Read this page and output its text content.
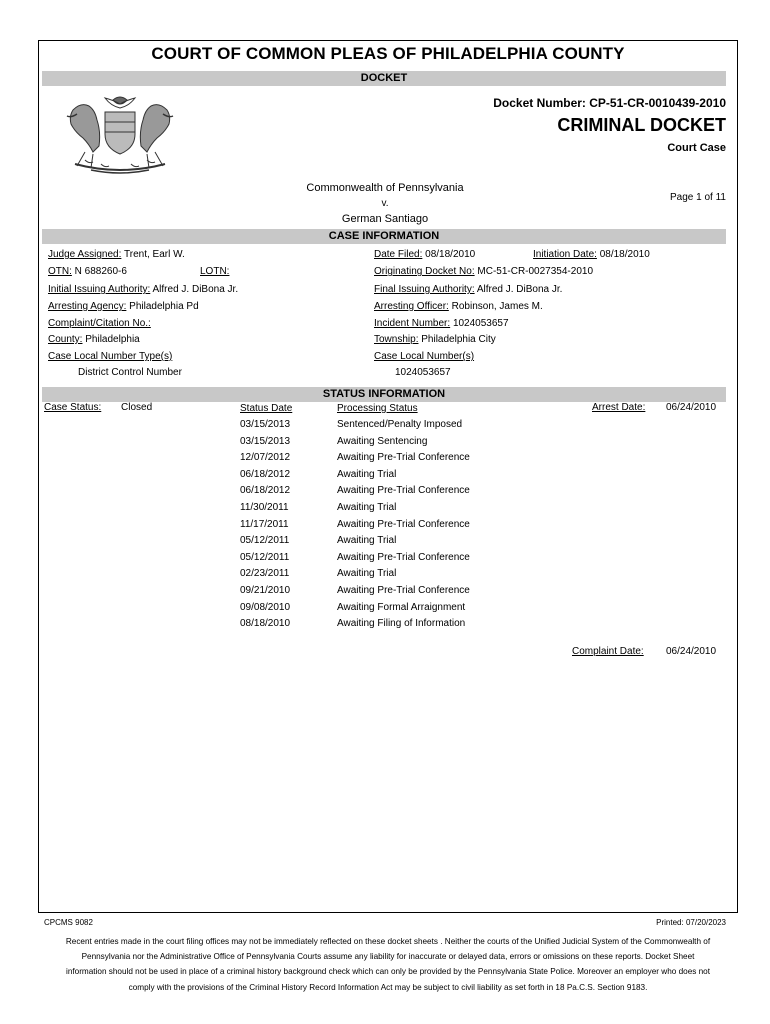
COURT OF COMMON PLEAS OF PHILADELPHIA COUNTY
DOCKET
Docket Number: CP-51-CR-0010439-2010
CRIMINAL DOCKET
Court Case
Commonwealth of Pennsylvania
v.
German Santiago
Page 1 of 11
CASE INFORMATION
Judge Assigned: Trent, Earl W.
OTN: N 688260-6	LOTN:
Initial Issuing Authority: Alfred J. DiBona Jr.
Arresting Agency: Philadelphia Pd
Complaint/Citation No.:
County: Philadelphia
Case Local Number Type(s)
District Control Number
Date Filed: 08/18/2010	Initiation Date: 08/18/2010
Originating Docket No: MC-51-CR-0027354-2010
Final Issuing Authority: Alfred J. DiBona Jr.
Arresting Officer: Robinson, James M.
Incident Number: 1024053657
Township: Philadelphia City
Case Local Number(s)
1024053657
STATUS INFORMATION
Case Status: Closed	Status Date	Processing Status	Arrest Date: 06/24/2010
03/15/2013	Sentenced/Penalty Imposed
03/15/2013	Awaiting Sentencing
12/07/2012	Awaiting Pre-Trial Conference
06/18/2012	Awaiting Trial
06/18/2012	Awaiting Pre-Trial Conference
11/30/2011	Awaiting Trial
11/17/2011	Awaiting Pre-Trial Conference
05/12/2011	Awaiting Trial
05/12/2011	Awaiting Pre-Trial Conference
02/23/2011	Awaiting Trial
09/21/2010	Awaiting Pre-Trial Conference
09/08/2010	Awaiting Formal Arraignment
08/18/2010	Awaiting Filing of Information
Complaint Date: 06/24/2010
CPCMS 9082	Printed: 07/20/2023
Recent entries made in the court filing offices may not be immediately reflected on these docket sheets . Neither the courts of the Unified Judicial System of the Commonwealth of Pennsylvania nor the Administrative Office of Pennsylvania Courts assume any liability for inaccurate or delayed data, errors or omissions on these reports. Docket Sheet information should not be used in place of a criminal history background check which can only be provided by the Pennsylvania State Police. Moreover an employer who does not comply with the provisions of the Criminal History Record Information Act may be subject to civil liability as set forth in 18 Pa.C.S. Section 9183.
